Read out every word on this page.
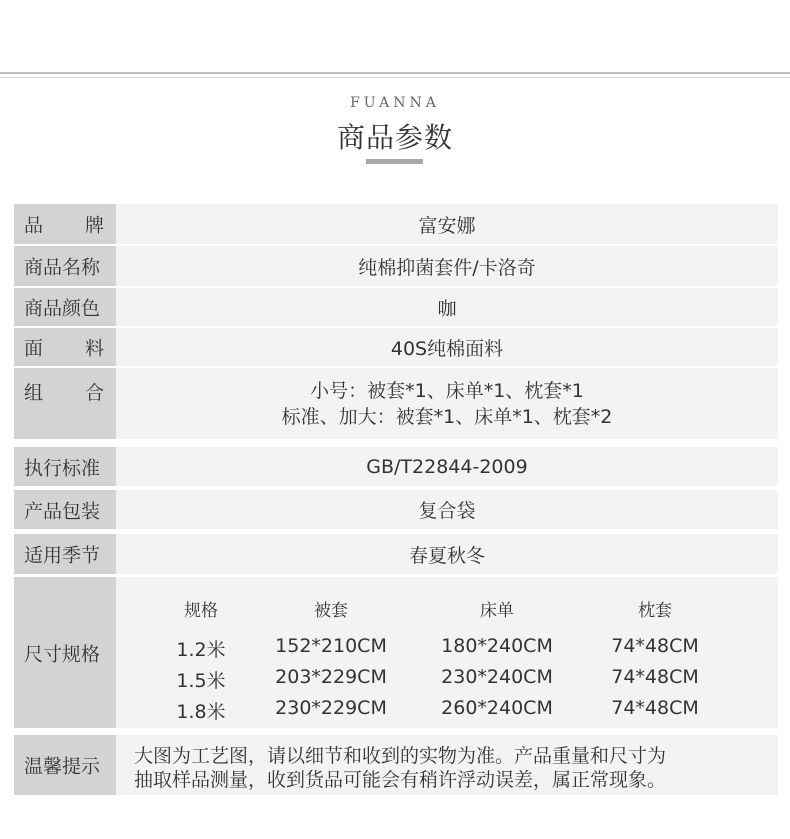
FUANNA
商品参数
品 牌	富安娜
商品名称	纯棉抑菌套件/卡洛奇
商品颜色	咖
面 料	40S纯棉面料
组 合	小号：被套*1、床单*1、枕套*1
标准、加大：被套*1、床单*1、枕套*2
执行标准	GB/T22844-2009
产品包装	复合袋
适用季节	春夏秋冬
尺寸规格
规格	被套	床单	枕套
1.2米	152*210CM	180*240CM	74*48CM
1.5米	203*229CM	230*240CM	74*48CM
1.8米	230*229CM	260*240CM	74*48CM
温馨提示 大图为工艺图，请以细节和收到的实物为准。产品重量和尺寸为
抽取样品测量，收到货品可能会有稍许浮动误差，属正常现象。
